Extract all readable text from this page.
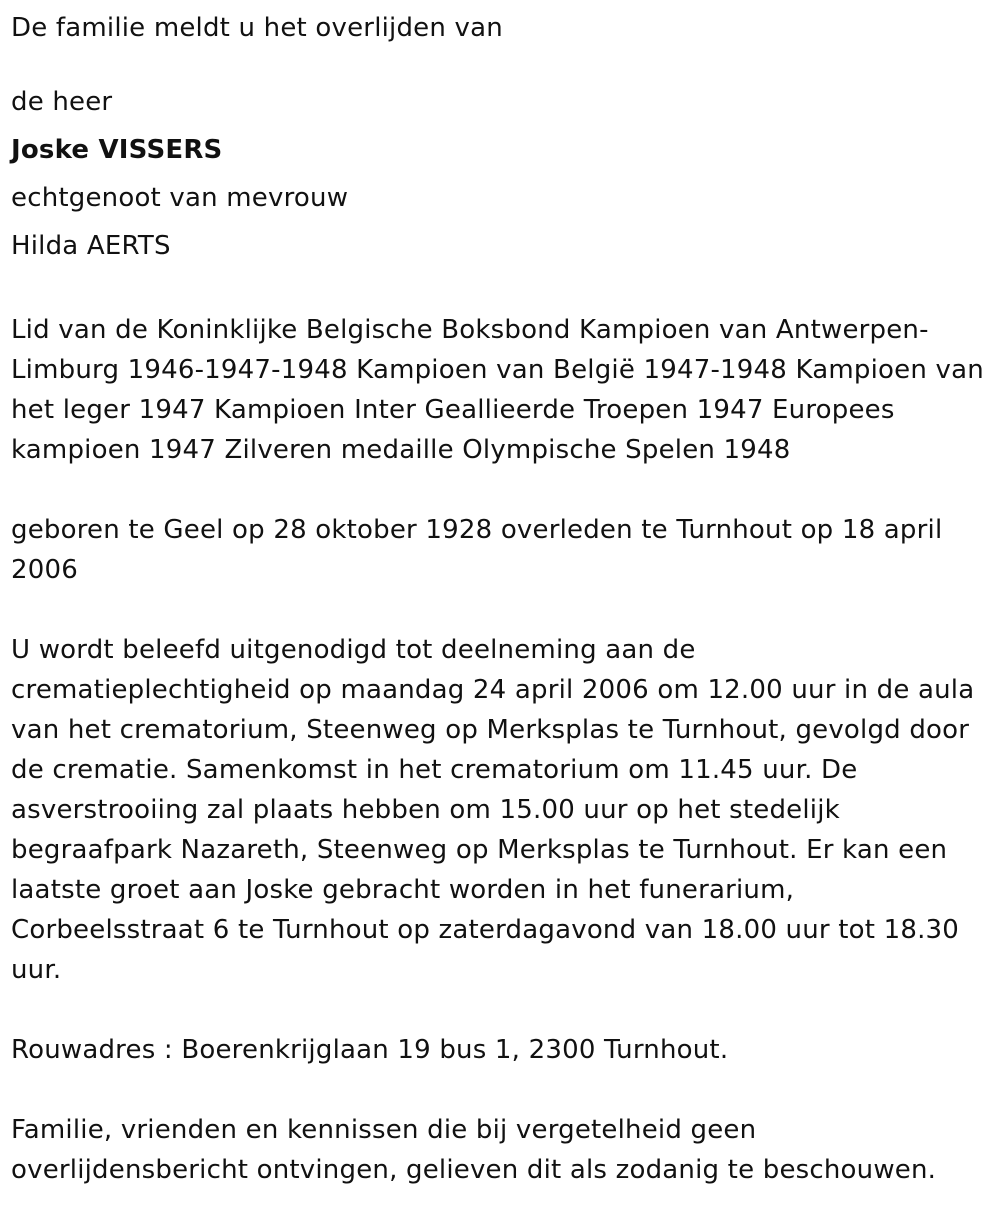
De familie meldt u het overlijden van

de heer

Joske VISSERS

echtgenoot van mevrouw

Hilda AERTS

Lid van de Koninklijke Belgische Boksbond Kampioen van Antwerpen-

Limburg 1946-1947-1948 Kampioen van België 1947-1948 Kampioen van

het leger 1947 Kampioen Inter Geallieerde Troepen 1947 Europees

kampioen 1947 Zilveren medaille Olympische Spelen 1948

geboren te Geel op 28 oktober 1928 overleden te Turnhout op 18 april

2006

U wordt beleefd uitgenodigd tot deelneming aan de

crematieplechtigheid op maandag 24 april 2006 om 12.00 uur in de aula

van het crematorium, Steenweg op Merksplas te Turnhout, gevolgd door

de crematie. Samenkomst in het crematorium om 11.45 uur. De

asverstrooiing zal plaats hebben om 15.00 uur op het stedelijk

begraafpark Nazareth, Steenweg op Merksplas te Turnhout. Er kan een

laatste groet aan Joske gebracht worden in het funerarium,

Corbeelsstraat 6 te Turnhout op zaterdagavond van 18.00 uur tot 18.30

uur.

Rouwadres : Boerenkrijglaan 19 bus 1, 2300 Turnhout.

Familie, vrienden en kennissen die bij vergetelheid geen

overlijdensbericht ontvingen, gelieven dit als zodanig te beschouwen.
